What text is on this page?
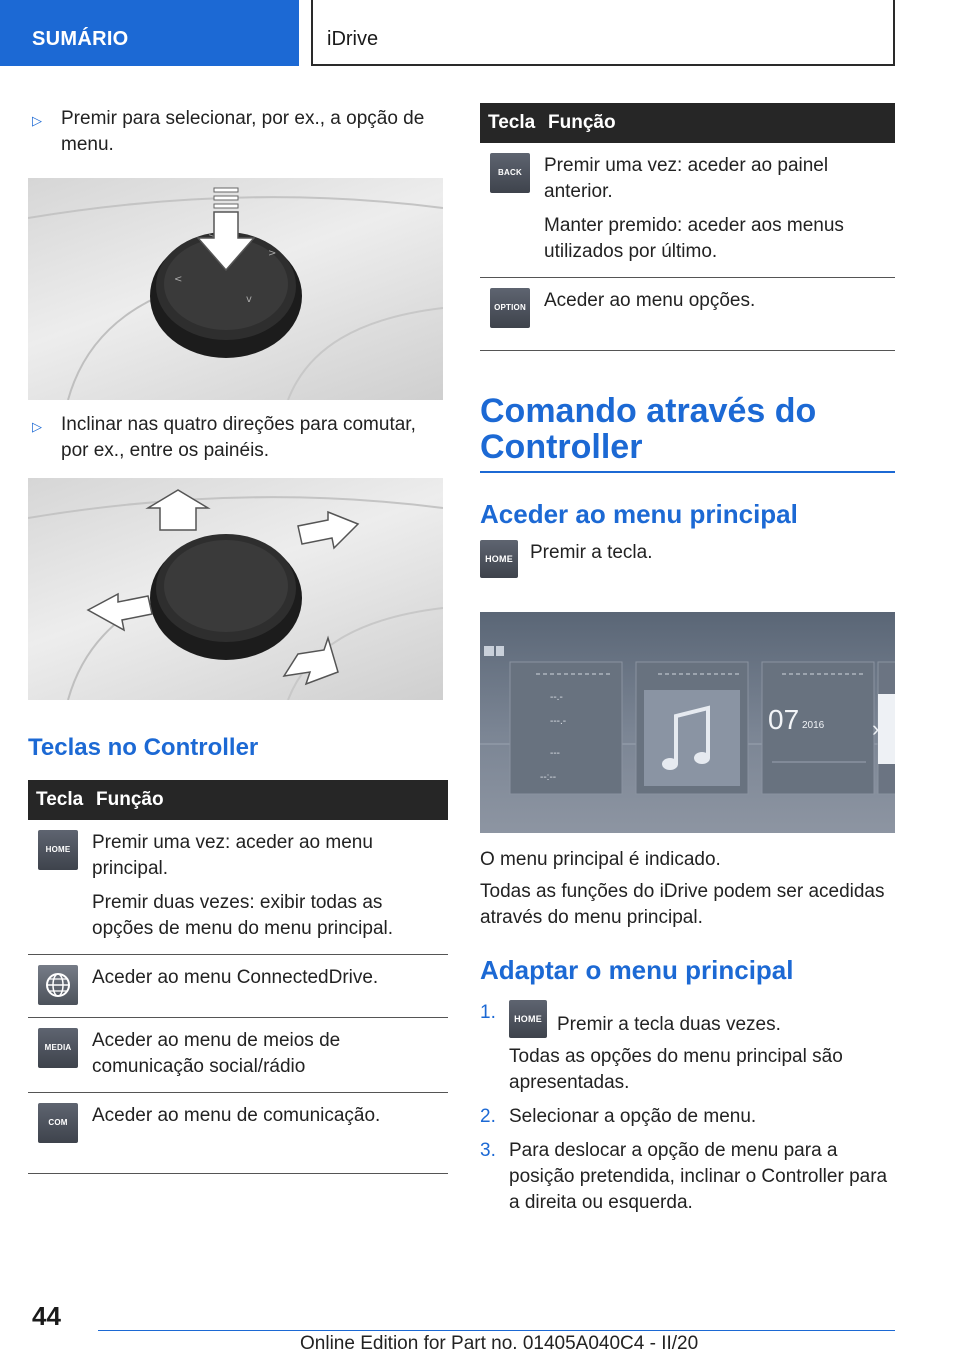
SUMÁRIO	iDrive
▷	Premir para selecionar, por ex., a opção de menu.
>
<
v
▷	Inclinar nas quatro direções para comutar, por ex., entre os painéis.
Teclas no Controller
Tecla	Função

HOME	Premir uma vez: aceder ao menu principal.

Premir duas vezes: exibir todas as opções de menu do menu principal.

Aceder ao menu ConnectedDrive.

MEDIA	Aceder ao menu de meios de comunicação social/rádio

COM	Aceder ao menu de comunicação.

Tecla	Função

BACK	Premir uma vez: aceder ao painel anterior.

Manter premido: aceder aos menus utilizados por último.

OPTION	Aceder ao menu opções.

Comando através do Controller
Aceder ao menu principal
HOME Premir a tecla.
--.-
---.-
---
--:--
07 2016 ›

O menu principal é indicado.

Todas as funções do iDrive podem ser acedidas através do menu principal.

Adaptar o menu principal
1.	HOME Premir a tecla duas vezes.

Todas as opções do menu principal são apresentadas.

2. Selecionar a opção de menu.
3. Para deslocar a opção de menu para a posição pretendida, inclinar o Controller para a direita ou esquerda.
44
Online Edition for Part no. 01405A040C4 - II/20
